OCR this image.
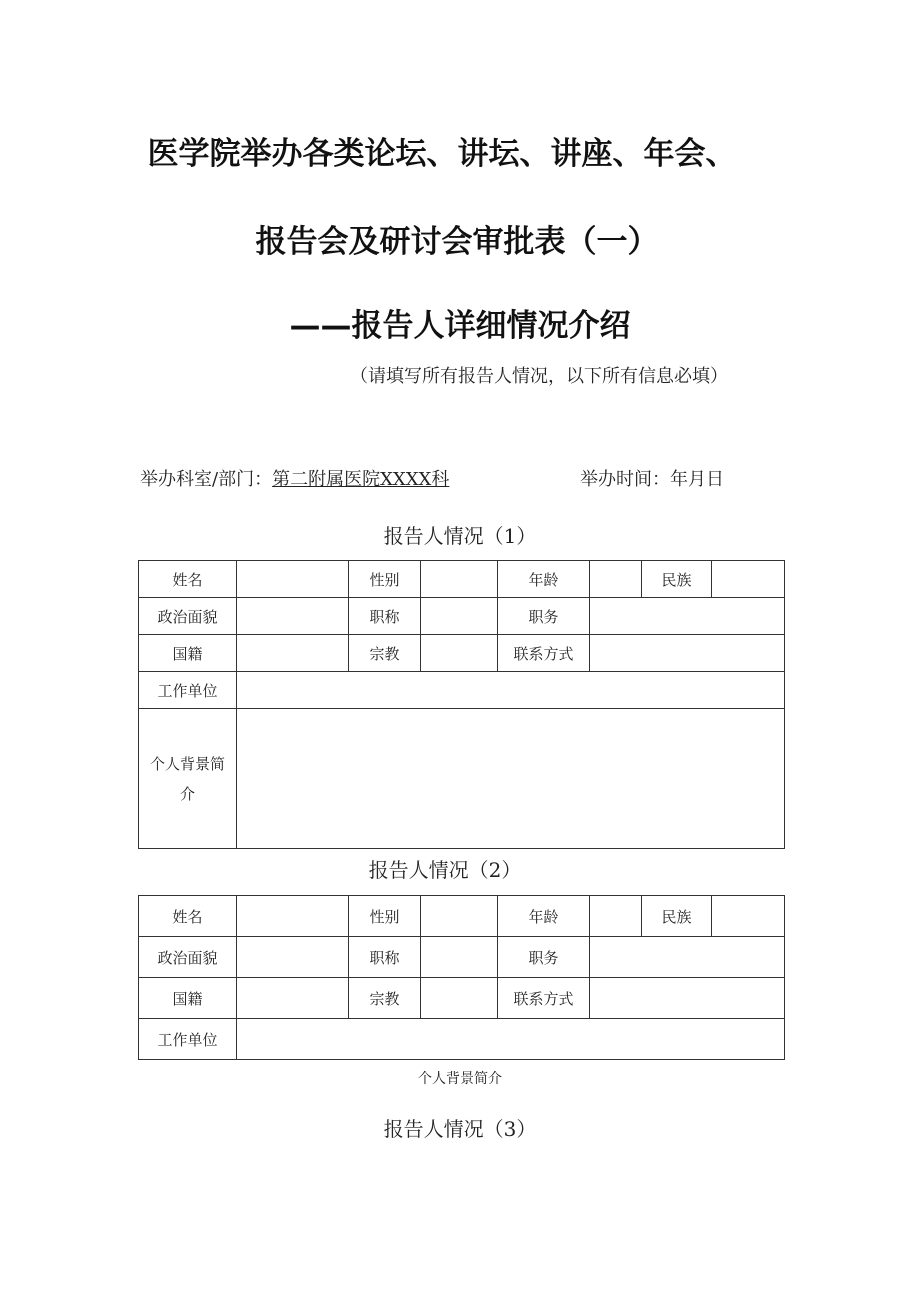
医学院举办各类论坛、讲坛、讲座、年会、
报告会及研讨会审批表（一）
——报告人详细情况介绍
（请填写所有报告人情况，以下所有信息必填）
举办科室/部门：第二附属医院XXXX科	举办时间：年月日
报告人情况（1）
姓名		性别		年龄		民族	
政治面貌		职称		职务			
国籍		宗教		联系方式			
工作单位							

个人背景简介							

报告人情况（2）
姓名		性别		年龄		民族	
政治面貌		职称		职务			
国籍		宗教		联系方式			
工作单位							
个人背景简介
报告人情况（3）
